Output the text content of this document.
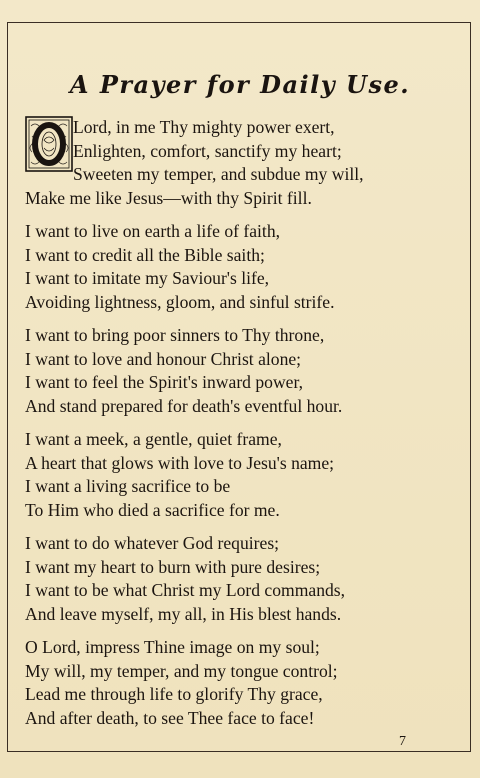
A Prayer for Daily Use.
Lord, in me Thy mighty power exert,
Enlighten, comfort, sanctify my heart;
Sweeten my temper, and subdue my will,
Make me like Jesus—with thy Spirit fill.
I want to live on earth a life of faith,
I want to credit all the Bible saith;
I want to imitate my Saviour's life,
Avoiding lightness, gloom, and sinful strife.
I want to bring poor sinners to Thy throne,
I want to love and honour Christ alone;
I want to feel the Spirit's inward power,
And stand prepared for death's eventful hour.
I want a meek, a gentle, quiet frame,
A heart that glows with love to Jesu's name;
I want a living sacrifice to be
To Him who died a sacrifice for me.
I want to do whatever God requires;
I want my heart to burn with pure desires;
I want to be what Christ my Lord commands,
And leave myself, my all, in His blest hands.
O Lord, impress Thine image on my soul;
My will, my temper, and my tongue control;
Lead me through life to glorify Thy grace,
And after death, to see Thee face to face!
7
